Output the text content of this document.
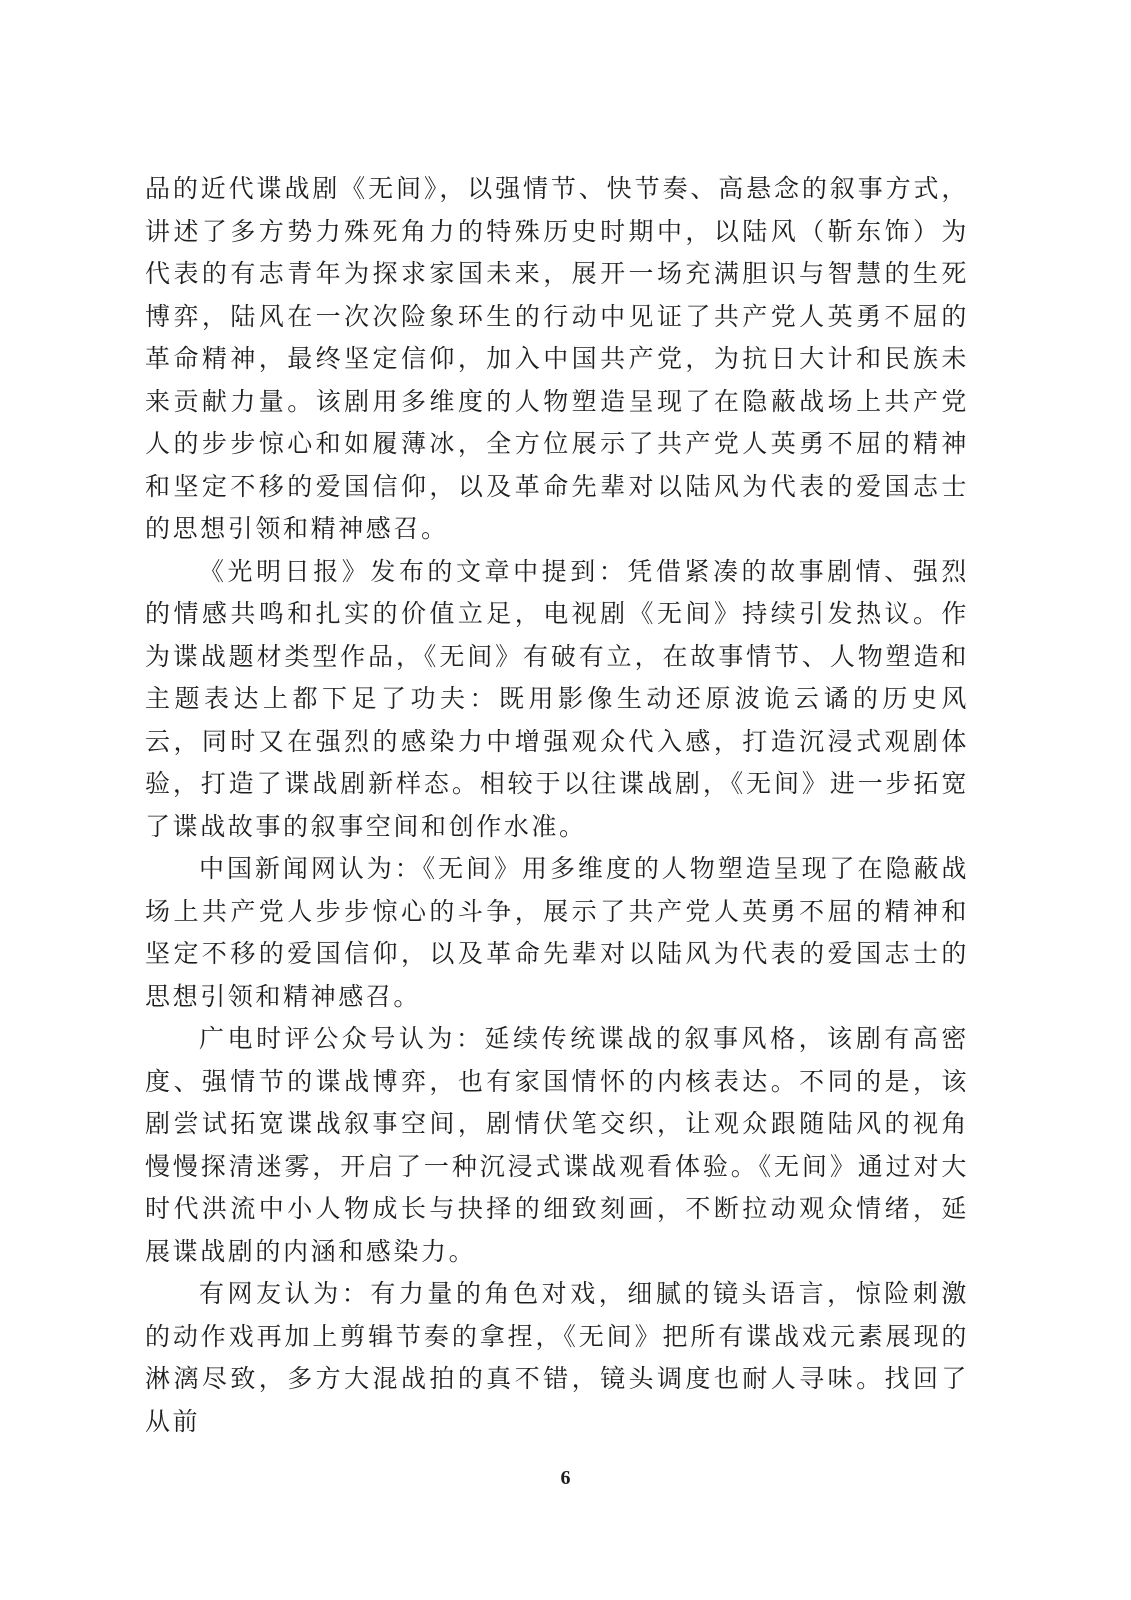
品的近代谍战剧《无间》，以强情节、快节奏、高悬念的叙事方式，讲述了多方势力殊死角力的特殊历史时期中，以陆风（靳东饰）为代表的有志青年为探求家国未来，展开一场充满胆识与智慧的生死博弈，陆风在一次次险象环生的行动中见证了共产党人英勇不屈的革命精神，最终坚定信仰，加入中国共产党，为抗日大计和民族未来贡献力量。该剧用多维度的人物塑造呈现了在隐蔽战场上共产党人的步步惊心和如履薄冰，全方位展示了共产党人英勇不屈的精神和坚定不移的爱国信仰，以及革命先辈对以陆风为代表的爱国志士的思想引领和精神感召。

《光明日报》发布的文章中提到：凭借紧凑的故事剧情、强烈的情感共鸣和扎实的价值立足，电视剧《无间》持续引发热议。作为谍战题材类型作品，《无间》有破有立，在故事情节、人物塑造和主题表达上都下足了功夫：既用影像生动还原波诡云谲的历史风云，同时又在强烈的感染力中增强观众代入感，打造沉浸式观剧体验，打造了谍战剧新样态。相较于以往谍战剧，《无间》进一步拓宽了谍战故事的叙事空间和创作水准。

中国新闻网认为：《无间》用多维度的人物塑造呈现了在隐蔽战场上共产党人步步惊心的斗争，展示了共产党人英勇不屈的精神和坚定不移的爱国信仰，以及革命先辈对以陆风为代表的爱国志士的思想引领和精神感召。

广电时评公众号认为：延续传统谍战的叙事风格，该剧有高密度、强情节的谍战博弈，也有家国情怀的内核表达。不同的是，该剧尝试拓宽谍战叙事空间，剧情伏笔交织，让观众跟随陆风的视角慢慢探清迷雾，开启了一种沉浸式谍战观看体验。《无间》通过对大时代洪流中小人物成长与抉择的细致刻画，不断拉动观众情绪，延展谍战剧的内涵和感染力。

有网友认为：有力量的角色对戏，细腻的镜头语言，惊险刺激的动作戏再加上剪辑节奏的拿捏，《无间》把所有谍战戏元素展现的淋漓尽致，多方大混战拍的真不错，镜头调度也耐人寻味。找回了从前

6
